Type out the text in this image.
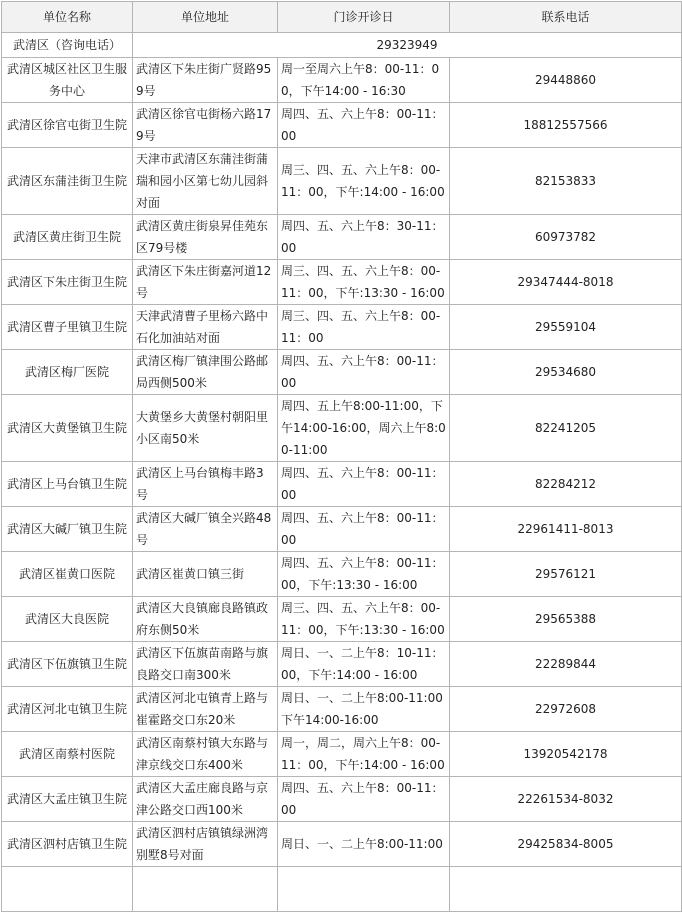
单位名称	单位地址	门诊开诊日	联系电话
武清区（咨询电话）	29323949		
武清区城区社区卫生服务中心	武清区下朱庄街广贤路959号	周一至周六上午8：00-11：00，下午14:00 - 16:30	29448860
武清区徐官屯街卫生院	武清区徐官屯街杨六路179号	周四、五、六上午8：00-11：00	18812557566
武清区东蒲洼街卫生院	天津市武清区东蒲洼街蒲瑞和园小区第七幼儿园斜对面	周三、四、五、六上午8：00-11：00，下午:14:00 - 16:00	82153833
武清区黄庄街卫生院	武清区黄庄街泉昇佳苑东区79号楼	周四、五、六上午8：30-11：00	60973782
武清区下朱庄街卫生院	武清区下朱庄街嘉河道12号	周三、四、五、六上午8：00-11：00，下午:13:30 - 16:00	29347444-8018
武清区曹子里镇卫生院	天津武清曹子里杨六路中石化加油站对面	周三、四、五、六上午8：00-11：00	29559104
武清区梅厂医院	武清区梅厂镇津围公路邮局西侧500米	周四、五、六上午8：00-11：00	29534680
武清区大黄堡镇卫生院	大黄堡乡大黄堡村朝阳里小区南50米	周四、五上午8:00-11:00，下午14:00-16:00，周六上午8:00-11:00	82241205
武清区上马台镇卫生院	武清区上马台镇梅丰路3号	周四、五、六上午8：00-11：00	82284212
武清区大碱厂镇卫生院	武清区大碱厂镇全兴路48号	周四、五、六上午8：00-11：00	22961411-8013
武清区崔黄口医院	武清区崔黄口镇三街	周四、五、六上午8：00-11：00，下午:13:30 - 16:00	29576121
武清区大良医院	武清区大良镇廊良路镇政府东侧50米	周三、四、五、六上午8：00-11：00，下午:13:30 - 16:00	29565388
武清区下伍旗镇卫生院	武清区下伍旗苗南路与旗良路交口南300米	周日、一、二上午8：10-11：00，下午:14:00 - 16:00	22289844
武清区河北屯镇卫生院	武清区河北屯镇青上路与崔霍路交口东20米	周日、一、二上午8:00-11:00下午14:00-16:00	22972608
武清区南蔡村医院	武清区南蔡村镇大东路与津京线交口东400米	周一，周二，周六上午8：00-11：00，下午:14:00 - 16:00	13920542178
武清区大孟庄镇卫生院	武清区大孟庄廊良路与京津公路交口西100米	周四、五、六上午8：00-11：00	22261534-8032
武清区泗村店镇卫生院	武清区泗村店镇镇绿洲湾别墅8号对面	周日、一、二上午8:00-11:00	29425834-8005
